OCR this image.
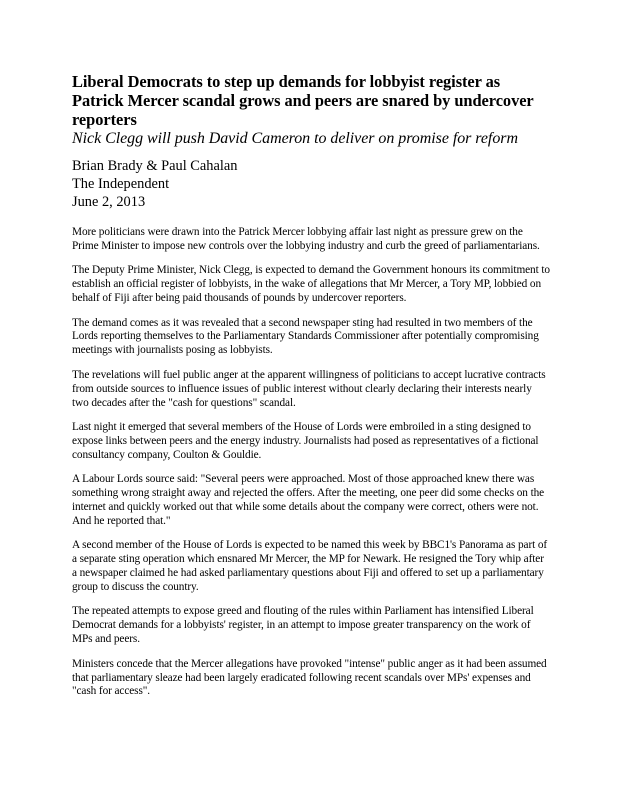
Liberal Democrats to step up demands for lobbyist register as Patrick Mercer scandal grows and peers are snared by undercover reporters
Nick Clegg will push David Cameron to deliver on promise for reform
Brian Brady & Paul Cahalan
The Independent
June 2, 2013

More politicians were drawn into the Patrick Mercer lobbying affair last night as pressure grew on the Prime Minister to impose new controls over the lobbying industry and curb the greed of parliamentarians.

The Deputy Prime Minister, Nick Clegg, is expected to demand the Government honours its commitment to establish an official register of lobbyists, in the wake of allegations that Mr Mercer, a Tory MP, lobbied on behalf of Fiji after being paid thousands of pounds by undercover reporters.

The demand comes as it was revealed that a second newspaper sting had resulted in two members of the Lords reporting themselves to the Parliamentary Standards Commissioner after potentially compromising meetings with journalists posing as lobbyists.

The revelations will fuel public anger at the apparent willingness of politicians to accept lucrative contracts from outside sources to influence issues of public interest without clearly declaring their interests nearly two decades after the "cash for questions" scandal.

Last night it emerged that several members of the House of Lords were embroiled in a sting designed to expose links between peers and the energy industry. Journalists had posed as representatives of a fictional consultancy company, Coulton & Gouldie.

A Labour Lords source said: "Several peers were approached. Most of those approached knew there was something wrong straight away and rejected the offers. After the meeting, one peer did some checks on the internet and quickly worked out that while some details about the company were correct, others were not. And he reported that."

A second member of the House of Lords is expected to be named this week by BBC1's Panorama as part of a separate sting operation which ensnared Mr Mercer, the MP for Newark. He resigned the Tory whip after a newspaper claimed he had asked parliamentary questions about Fiji and offered to set up a parliamentary group to discuss the country.

The repeated attempts to expose greed and flouting of the rules within Parliament has intensified Liberal Democrat demands for a lobbyists' register, in an attempt to impose greater transparency on the work of MPs and peers.

Ministers concede that the Mercer allegations have provoked "intense" public anger as it had been assumed that parliamentary sleaze had been largely eradicated following recent scandals over MPs' expenses and "cash for access".
